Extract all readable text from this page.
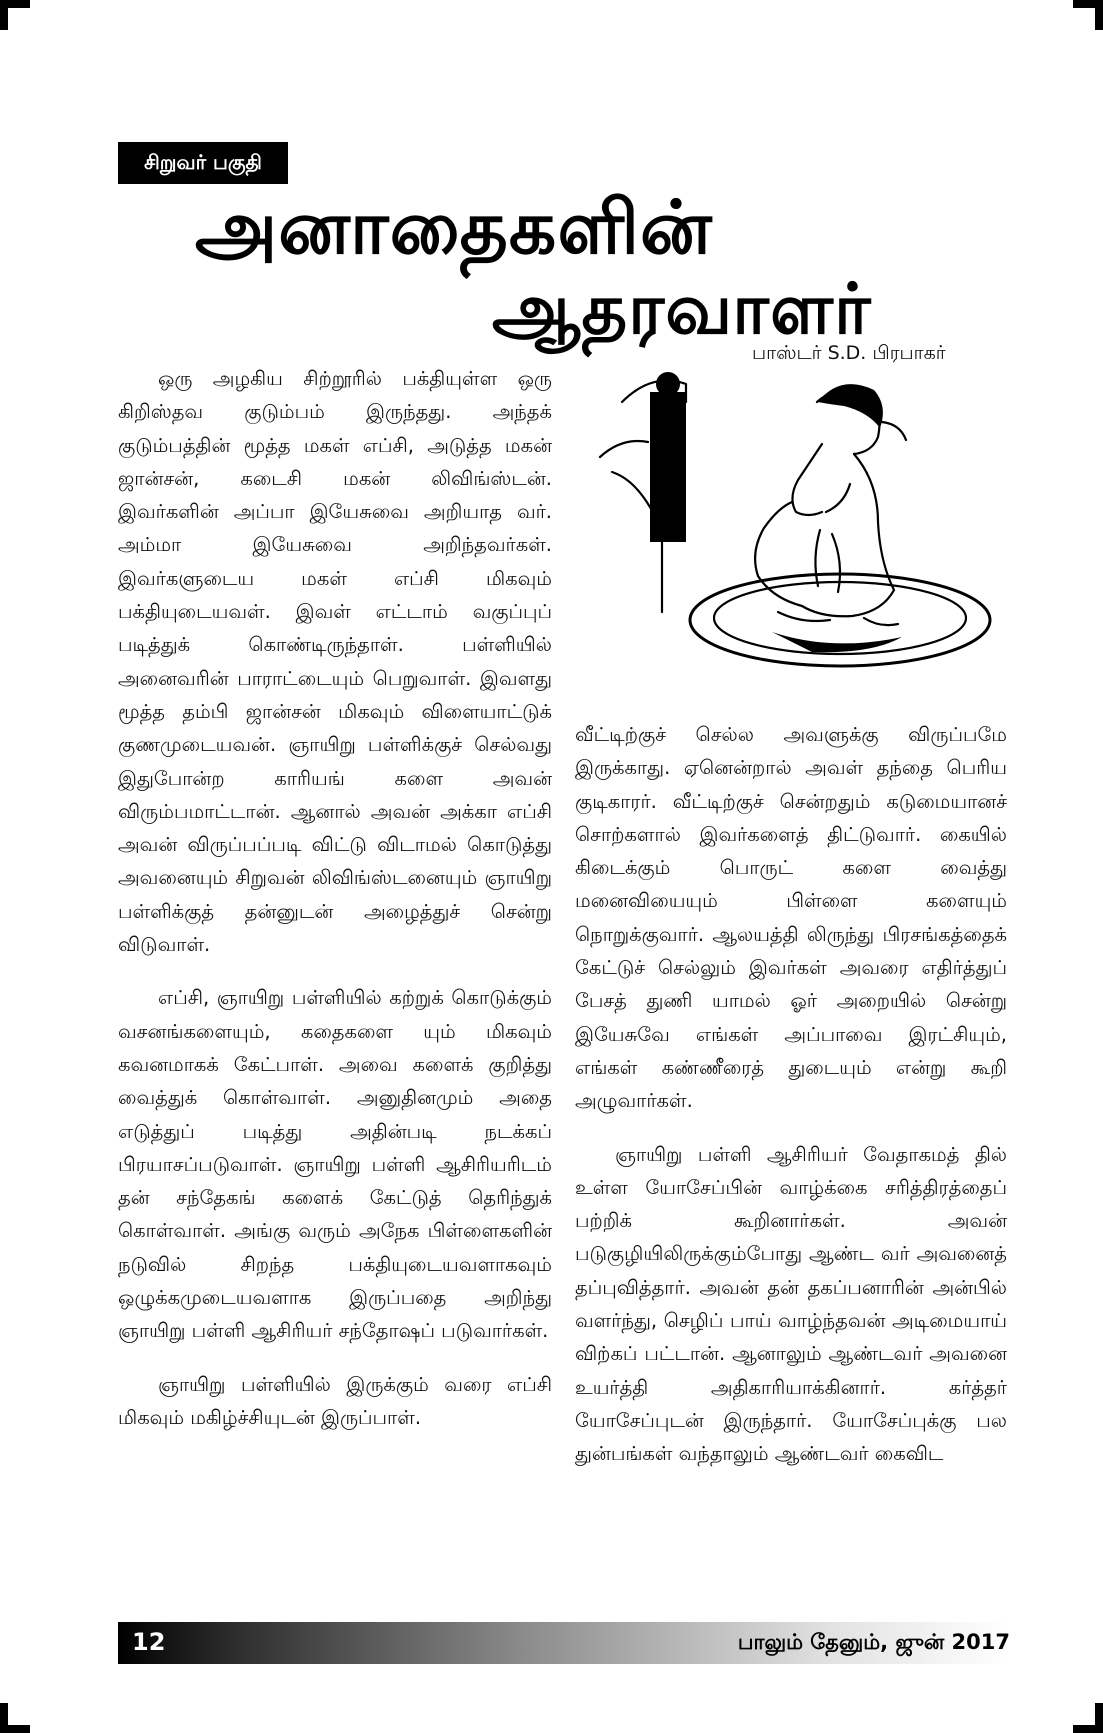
சிறுவர் பகுதி
அனாதைகளின்
ஆதரவாளர்
பாஸ்டர் S.D. பிரபாகர்

ஒரு அழகிய சிற்றூரில் பக்தியுள்ள ஒரு கிறிஸ்தவ குடும்பம் இருந்தது. அந்தக் குடும்பத்தின் மூத்த மகள் எப்சி, அடுத்த மகன் ஜான்சன், கடைசி மகன் லிவிங்ஸ்டன். இவர்களின் அப்பா இயேசுவை அறியாத வர். அம்மா இயேசுவை அறிந்தவர்கள். இவர்களுடைய மகள் எப்சி மிகவும் பக்தியுடையவள். இவள் எட்டாம் வகுப்புப் படித்துக் கொண்டிருந்தாள். பள்ளியில் அனைவரின் பாராட்டையும் பெறுவாள். இவளது மூத்த தம்பி ஜான்சன் மிகவும் விளையாட்டுக் குணமுடையவன். ஞாயிறு பள்ளிக்குச் செல்வது இதுபோன்ற காரியங் களை அவன் விரும்பமாட்டான். ஆனால் அவன் அக்கா எப்சி அவன் விருப்பப்படி விட்டு விடாமல் கொடுத்து அவனையும் சிறுவன் லிவிங்ஸ்டனையும் ஞாயிறு பள்ளிக்குத் தன்னுடன் அழைத்துச் சென்று விடுவாள்.

எப்சி, ஞாயிறு பள்ளியில் கற்றுக் கொடுக்கும் வசனங்களையும், கதைகளை யும் மிகவும் கவனமாகக் கேட்பாள். அவை களைக் குறித்து வைத்துக் கொள்வாள். அனுதினமும் அதை எடுத்துப் படித்து அதின்படி நடக்கப் பிரயாசப்படுவாள். ஞாயிறு பள்ளி ஆசிரியரிடம் தன் சந்தேகங் களைக் கேட்டுத் தெரிந்துக் கொள்வாள். அங்கு வரும் அநேக பிள்ளைகளின் நடுவில் சிறந்த பக்தியுடையவளாகவும் ஒழுக்கமுடையவளாக இருப்பதை அறிந்து ஞாயிறு பள்ளி ஆசிரியர் சந்தோஷப் படுவார்கள்.

ஞாயிறு பள்ளியில் இருக்கும் வரை எப்சி மிகவும் மகிழ்ச்சியுடன் இருப்பாள்.

வீட்டிற்குச் செல்ல அவளுக்கு விருப்பமே இருக்காது. ஏனென்றால் அவள் தந்தை பெரிய குடிகாரர். வீட்டிற்குச் சென்றதும் கடுமையானச் சொற்களால் இவர்களைத் திட்டுவார். கையில் கிடைக்கும் பொருட் களை வைத்து மனைவியையும் பிள்ளை களையும் நொறுக்குவார். ஆலயத்தி லிருந்து பிரசங்கத்தைக் கேட்டுச் செல்லும் இவர்கள் அவரை எதிர்த்துப் பேசத் துணி யாமல் ஓர் அறையில் சென்று இயேசுவே எங்கள் அப்பாவை இரட்சியும், எங்கள் கண்ணீரைத் துடையும் என்று கூறி அழுவார்கள்.

ஞாயிறு பள்ளி ஆசிரியர் வேதாகமத் தில் உள்ள யோசேப்பின் வாழ்க்கை சரித்திரத்தைப் பற்றிக் கூறினார்கள். அவன் படுகுழியிலிருக்கும்போது ஆண்ட வர் அவனைத் தப்புவித்தார். அவன் தன் தகப்பனாரின் அன்பில் வளர்ந்து, செழிப் பாய் வாழ்ந்தவன் அடிமையாய் விற்கப் பட்டான். ஆனாலும் ஆண்டவர் அவனை உயர்த்தி அதிகாரியாக்கினார். கர்த்தர் யோசேப்புடன் இருந்தார். யோசேப்புக்கு பல துன்பங்கள் வந்தாலும் ஆண்டவர் கைவிட

12	பாலும் தேனும், ஜுன் 2017
